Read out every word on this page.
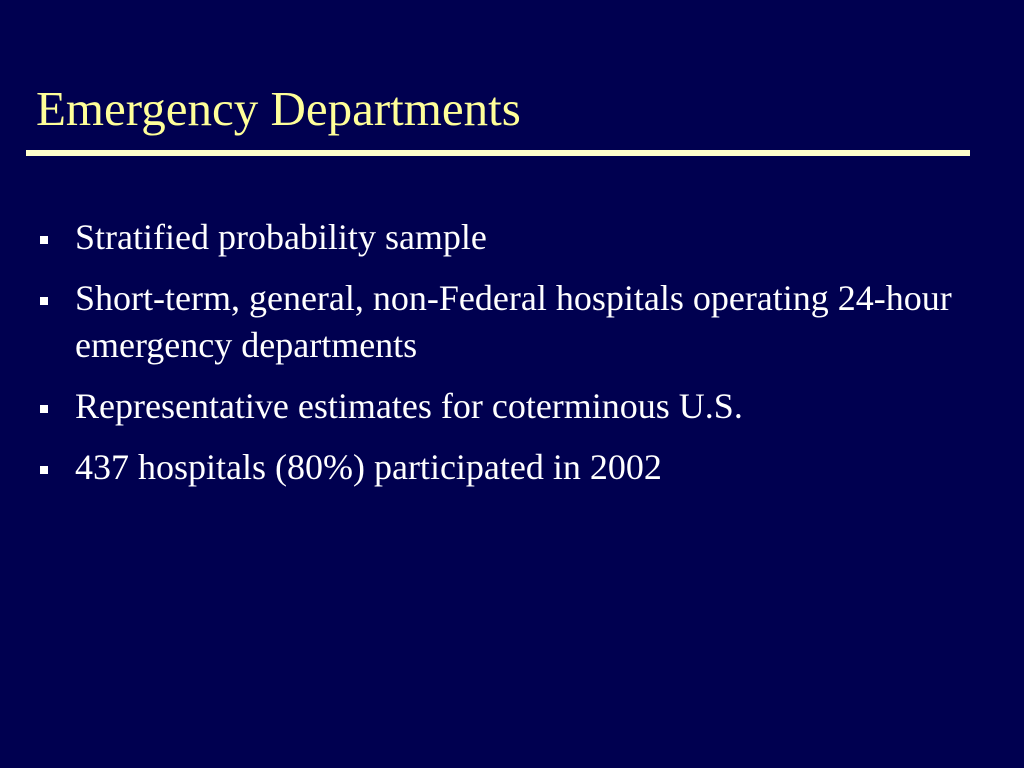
Emergency Departments
Stratified probability sample
Short-term, general, non-Federal hospitals operating 24-hour emergency departments
Representative estimates for coterminous U.S.
437 hospitals (80%) participated in 2002
